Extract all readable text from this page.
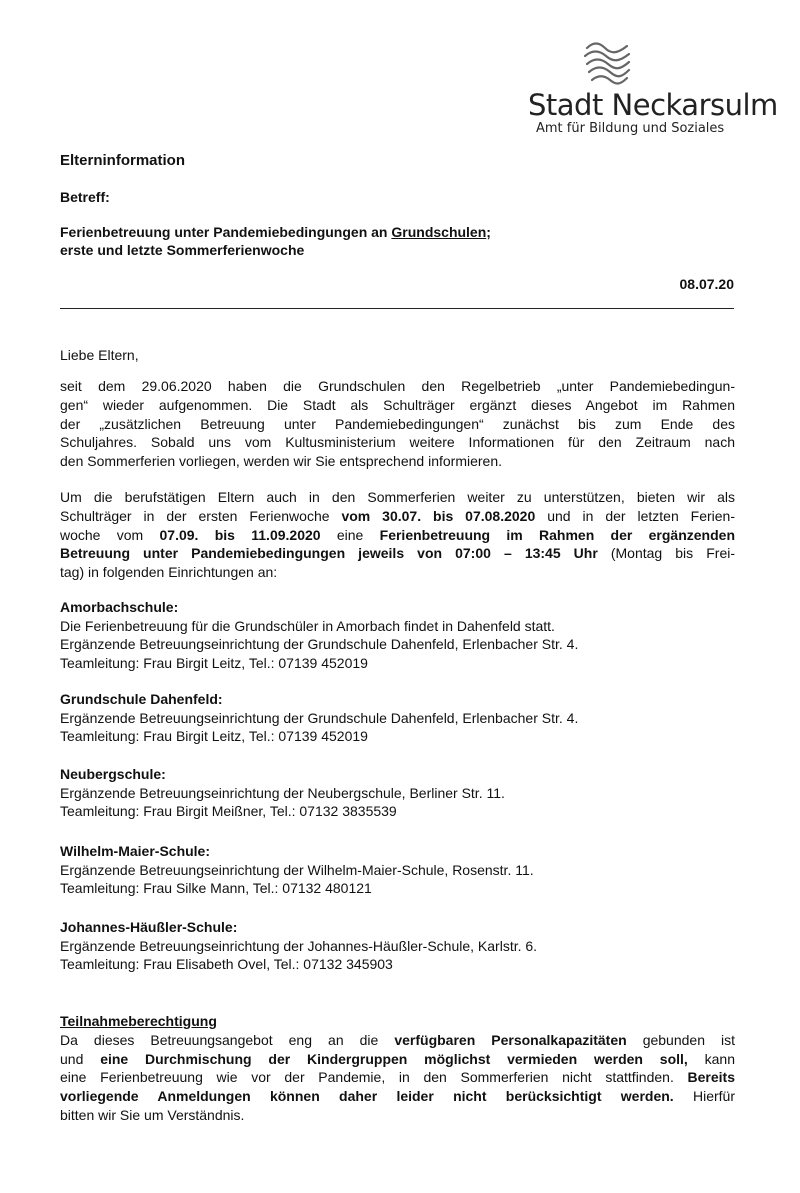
Stadt Neckarsulm
Amt für Bildung und Soziales
Elterninformation
Betreff:
Ferienbetreuung unter Pandemiebedingungen an Grundschulen;
erste und letzte Sommerferienwoche
08.07.20
Liebe Eltern,
seit dem 29.06.2020 haben die Grundschulen den Regelbetrieb „unter Pandemiebedingun-
gen“ wieder aufgenommen. Die Stadt als Schulträger ergänzt dieses Angebot im Rahmen
der „zusätzlichen Betreuung unter Pandemiebedingungen“ zunächst bis zum Ende des
Schuljahres. Sobald uns vom Kultusministerium weitere Informationen für den Zeitraum nach
den Sommerferien vorliegen, werden wir Sie entsprechend informieren.
Um die berufstätigen Eltern auch in den Sommerferien weiter zu unterstützen, bieten wir als
Schulträger in der ersten Ferienwoche vom 30.07. bis 07.08.2020 und in der letzten Ferien-
woche vom 07.09. bis 11.09.2020 eine Ferienbetreuung im Rahmen der ergänzenden
Betreuung unter Pandemiebedingungen jeweils von 07:00 – 13:45 Uhr (Montag bis Frei-
tag) in folgenden Einrichtungen an:
Amorbachschule:
Die Ferienbetreuung für die Grundschüler in Amorbach findet in Dahenfeld statt.
Ergänzende Betreuungseinrichtung der Grundschule Dahenfeld, Erlenbacher Str. 4.
Teamleitung: Frau Birgit Leitz, Tel.: 07139 452019
Grundschule Dahenfeld:
Ergänzende Betreuungseinrichtung der Grundschule Dahenfeld, Erlenbacher Str. 4.
Teamleitung: Frau Birgit Leitz, Tel.: 07139 452019
Neubergschule:
Ergänzende Betreuungseinrichtung der Neubergschule, Berliner Str. 11.
Teamleitung: Frau Birgit Meißner, Tel.: 07132 3835539
Wilhelm-Maier-Schule:
Ergänzende Betreuungseinrichtung der Wilhelm-Maier-Schule, Rosenstr. 11.
Teamleitung: Frau Silke Mann, Tel.: 07132 480121
Johannes-Häußler-Schule:
Ergänzende Betreuungseinrichtung der Johannes-Häußler-Schule, Karlstr. 6.
Teamleitung: Frau Elisabeth Ovel, Tel.: 07132 345903
Teilnahmeberechtigung
Da dieses Betreuungsangebot eng an die verfügbaren Personalkapazitäten gebunden ist
und eine Durchmischung der Kindergruppen möglichst vermieden werden soll, kann
eine Ferienbetreuung wie vor der Pandemie, in den Sommerferien nicht stattfinden. Bereits
vorliegende Anmeldungen können daher leider nicht berücksichtigt werden. Hierfür
bitten wir Sie um Verständnis.
